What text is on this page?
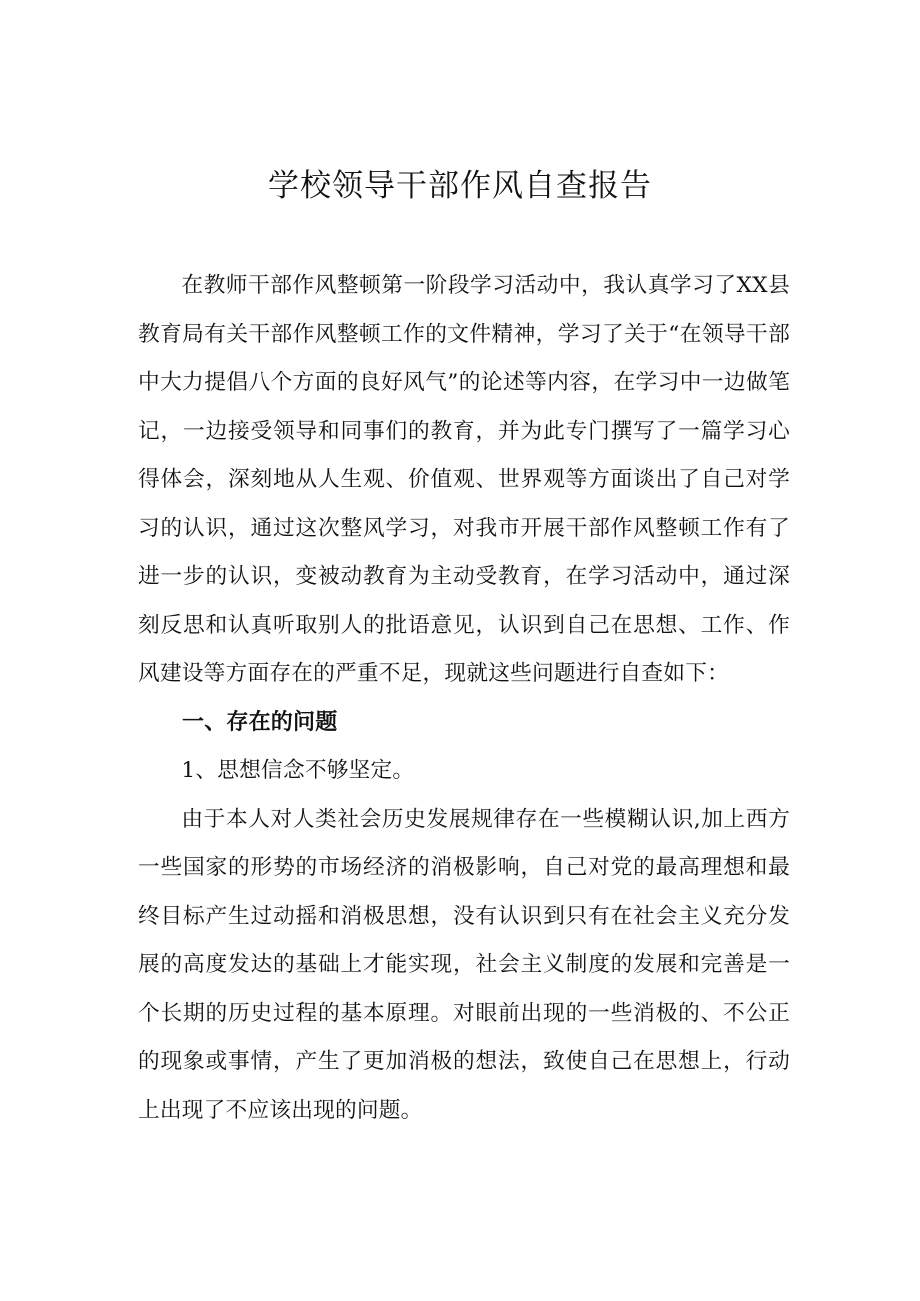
学校领导干部作风自查报告

在教师干部作风整顿第一阶段学习活动中，我认真学习了XX县教育局有关干部作风整顿工作的文件精神，学习了关于“在领导干部中大力提倡八个方面的良好风气”的论述等内容，在学习中一边做笔记，一边接受领导和同事们的教育，并为此专门撰写了一篇学习心得体会，深刻地从人生观、价值观、世界观等方面谈出了自己对学习的认识，通过这次整风学习，对我市开展干部作风整顿工作有了进一步的认识，变被动教育为主动受教育，在学习活动中，通过深刻反思和认真听取别人的批语意见，认识到自己在思想、工作、作风建设等方面存在的严重不足，现就这些问题进行自查如下：

一、存在的问题

1、思想信念不够坚定。

由于本人对人类社会历史发展规律存在一些模糊认识,加上西方一些国家的形势的市场经济的消极影响，自己对党的最高理想和最终目标产生过动摇和消极思想，没有认识到只有在社会主义充分发展的高度发达的基础上才能实现，社会主义制度的发展和完善是一个长期的历史过程的基本原理。对眼前出现的一些消极的、不公正的现象或事情，产生了更加消极的想法，致使自己在思想上，行动上出现了不应该出现的问题。
